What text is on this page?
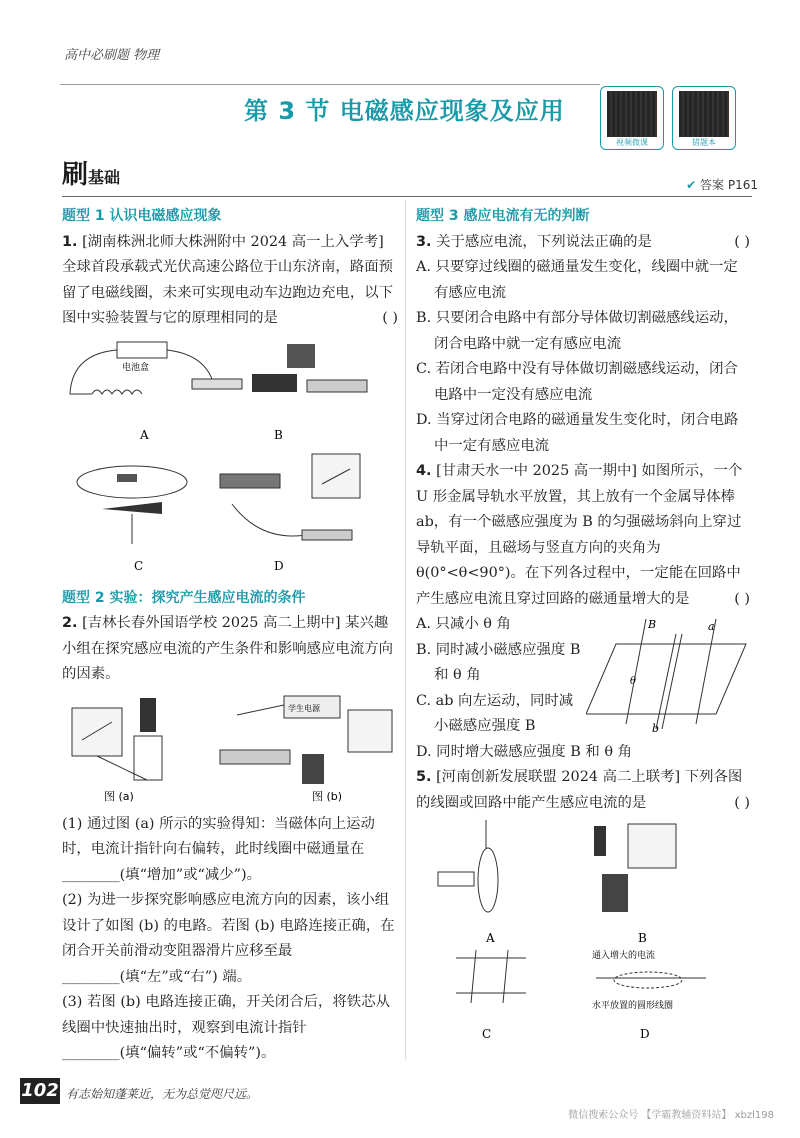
高中必刷题 物理
第 3 节 电磁感应现象及应用
视频微课	错题本
刷基础	✔ 答案 P161

题型 1 认识电磁感应现象

1. [湖南株洲北师大株洲附中 2024 高一上入学考] 全球首段承载式光伏高速公路位于山东济南，路面预留了电磁线圈，未来可实现电动车边跑边充电，以下图中实验装置与它的原理相同的是	( )

电池盒
A	B
C	D

题型 2 实验：探究产生感应电流的条件

2. [吉林长春外国语学校 2025 高二上期中] 某兴趣小组在探究感应电流的产生条件和影响感应电流方向的因素。

图 (a)
学生电源
图 (b)

(1) 通过图 (a) 所示的实验得知：当磁体向上运动时，电流计指针向右偏转，此时线圈中磁通量在________(填“增加”或“减少”)。

(2) 为进一步探究影响感应电流方向的因素，该小组设计了如图 (b) 的电路。若图 (b) 电路连接正确，在闭合开关前滑动变阻器滑片应移至最________(填“左”或“右”) 端。

(3) 若图 (b) 电路连接正确，开关闭合后，将铁芯从线圈中快速抽出时，观察到电流计指针________(填“偏转”或“不偏转”)。

题型 3 感应电流有无的判断

3. 关于感应电流，下列说法正确的是	( )

A. 只要穿过线圈的磁通量发生变化，线圈中就一定有感应电流

B. 只要闭合电路中有部分导体做切割磁感线运动，闭合电路中就一定有感应电流

C. 若闭合电路中没有导体做切割磁感线运动，闭合电路中一定没有感应电流

D. 当穿过闭合电路的磁通量发生变化时，闭合电路中一定有感应电流

4. [甘肃天水一中 2025 高一期中] 如图所示，一个 U 形金属导轨水平放置，其上放有一个金属导体棒 ab，有一个磁感应强度为 B 的匀强磁场斜向上穿过导轨平面，且磁场与竖直方向的夹角为 θ(0°<θ<90°)。在下列各过程中，一定能在回路中产生感应电流且穿过回路的磁通量增大的是	( )

A. 只减小 θ 角

B. 同时减小磁感应强度 B 和 θ 角

C. ab 向左运动，同时减小磁感应强度 B

B	a
b
θ

D. 同时增大磁感应强度 B 和 θ 角

5. [河南创新发展联盟 2024 高二上联考] 下列各图的线圈或回路中能产生感应电流的是	( )

A	B
C
通入增大的电流
水平放置的圆形线圈
D
102 有志始知蓬莱近，无为总觉咫尺远。
微信搜索公众号 【学霸教辅资料站】 xbzl198
